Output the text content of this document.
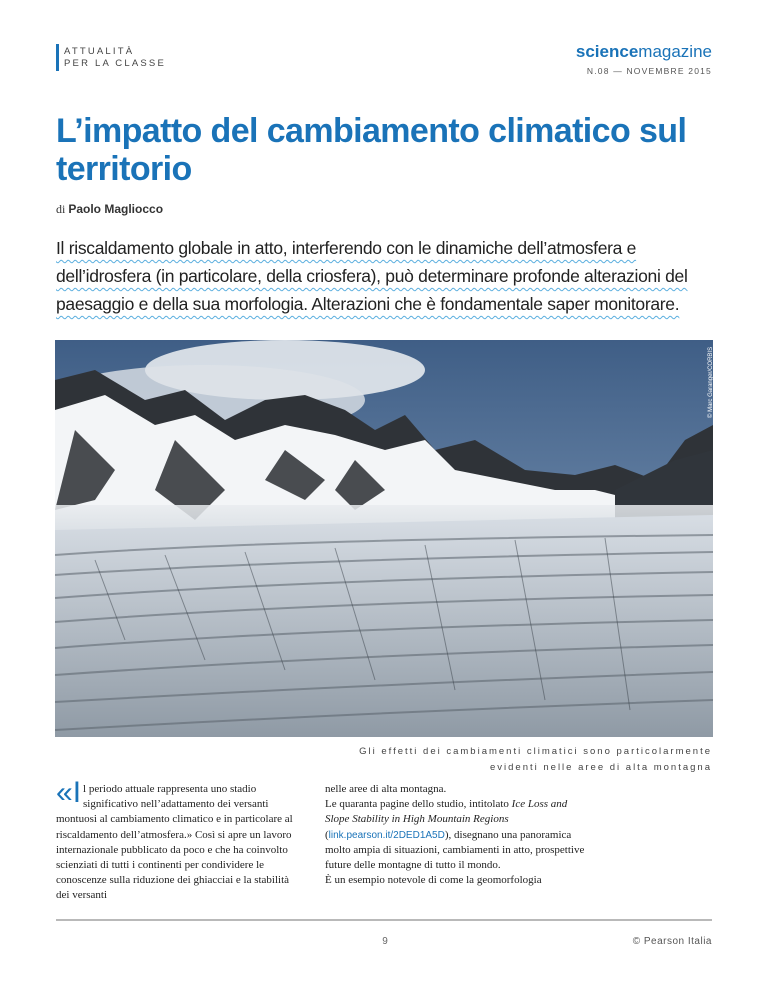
ATTUALITÀ
PER LA CLASSE
sciencemagazine
N.08 — NOVEMBRE 2015
L’impatto del cambiamento climatico sul territorio
di Paolo Magliocco
Il riscaldamento globale in atto, interferendo con le dinamiche dell’atmosfera e dell’idrosfera (in particolare, della criosfera), può determinare profonde alterazioni del paesaggio e della sua morfologia. Alterazioni che è fondamentale saper monitorare.
© Marc Garanger/CORBIS
Gli effetti dei cambiamenti climatici sono particolarmente
evidenti nelle aree di alta montagna
«I l periodo attuale rappresenta uno stadio significativo nell’adattamento dei versanti montuosi al cambiamento climatico e in particolare al riscaldamento dell’atmosfera.» Così si apre un lavoro internazionale pubblicato da poco e che ha coinvolto scienziati di tutti i continenti per condividere le conoscenze sulla riduzione dei ghiacciai e la stabilità dei versanti
nelle aree di alta montagna.
Le quaranta pagine dello studio, intitolato Ice Loss and Slope Stability in High Mountain Regions (link.pearson.it/2DED1A5D), disegnano una panoramica molto ampia di situazioni, cambiamenti in atto, prospettive future delle montagne di tutto il mondo.
È un esempio notevole di come la geomorfologia
9	© Pearson Italia
